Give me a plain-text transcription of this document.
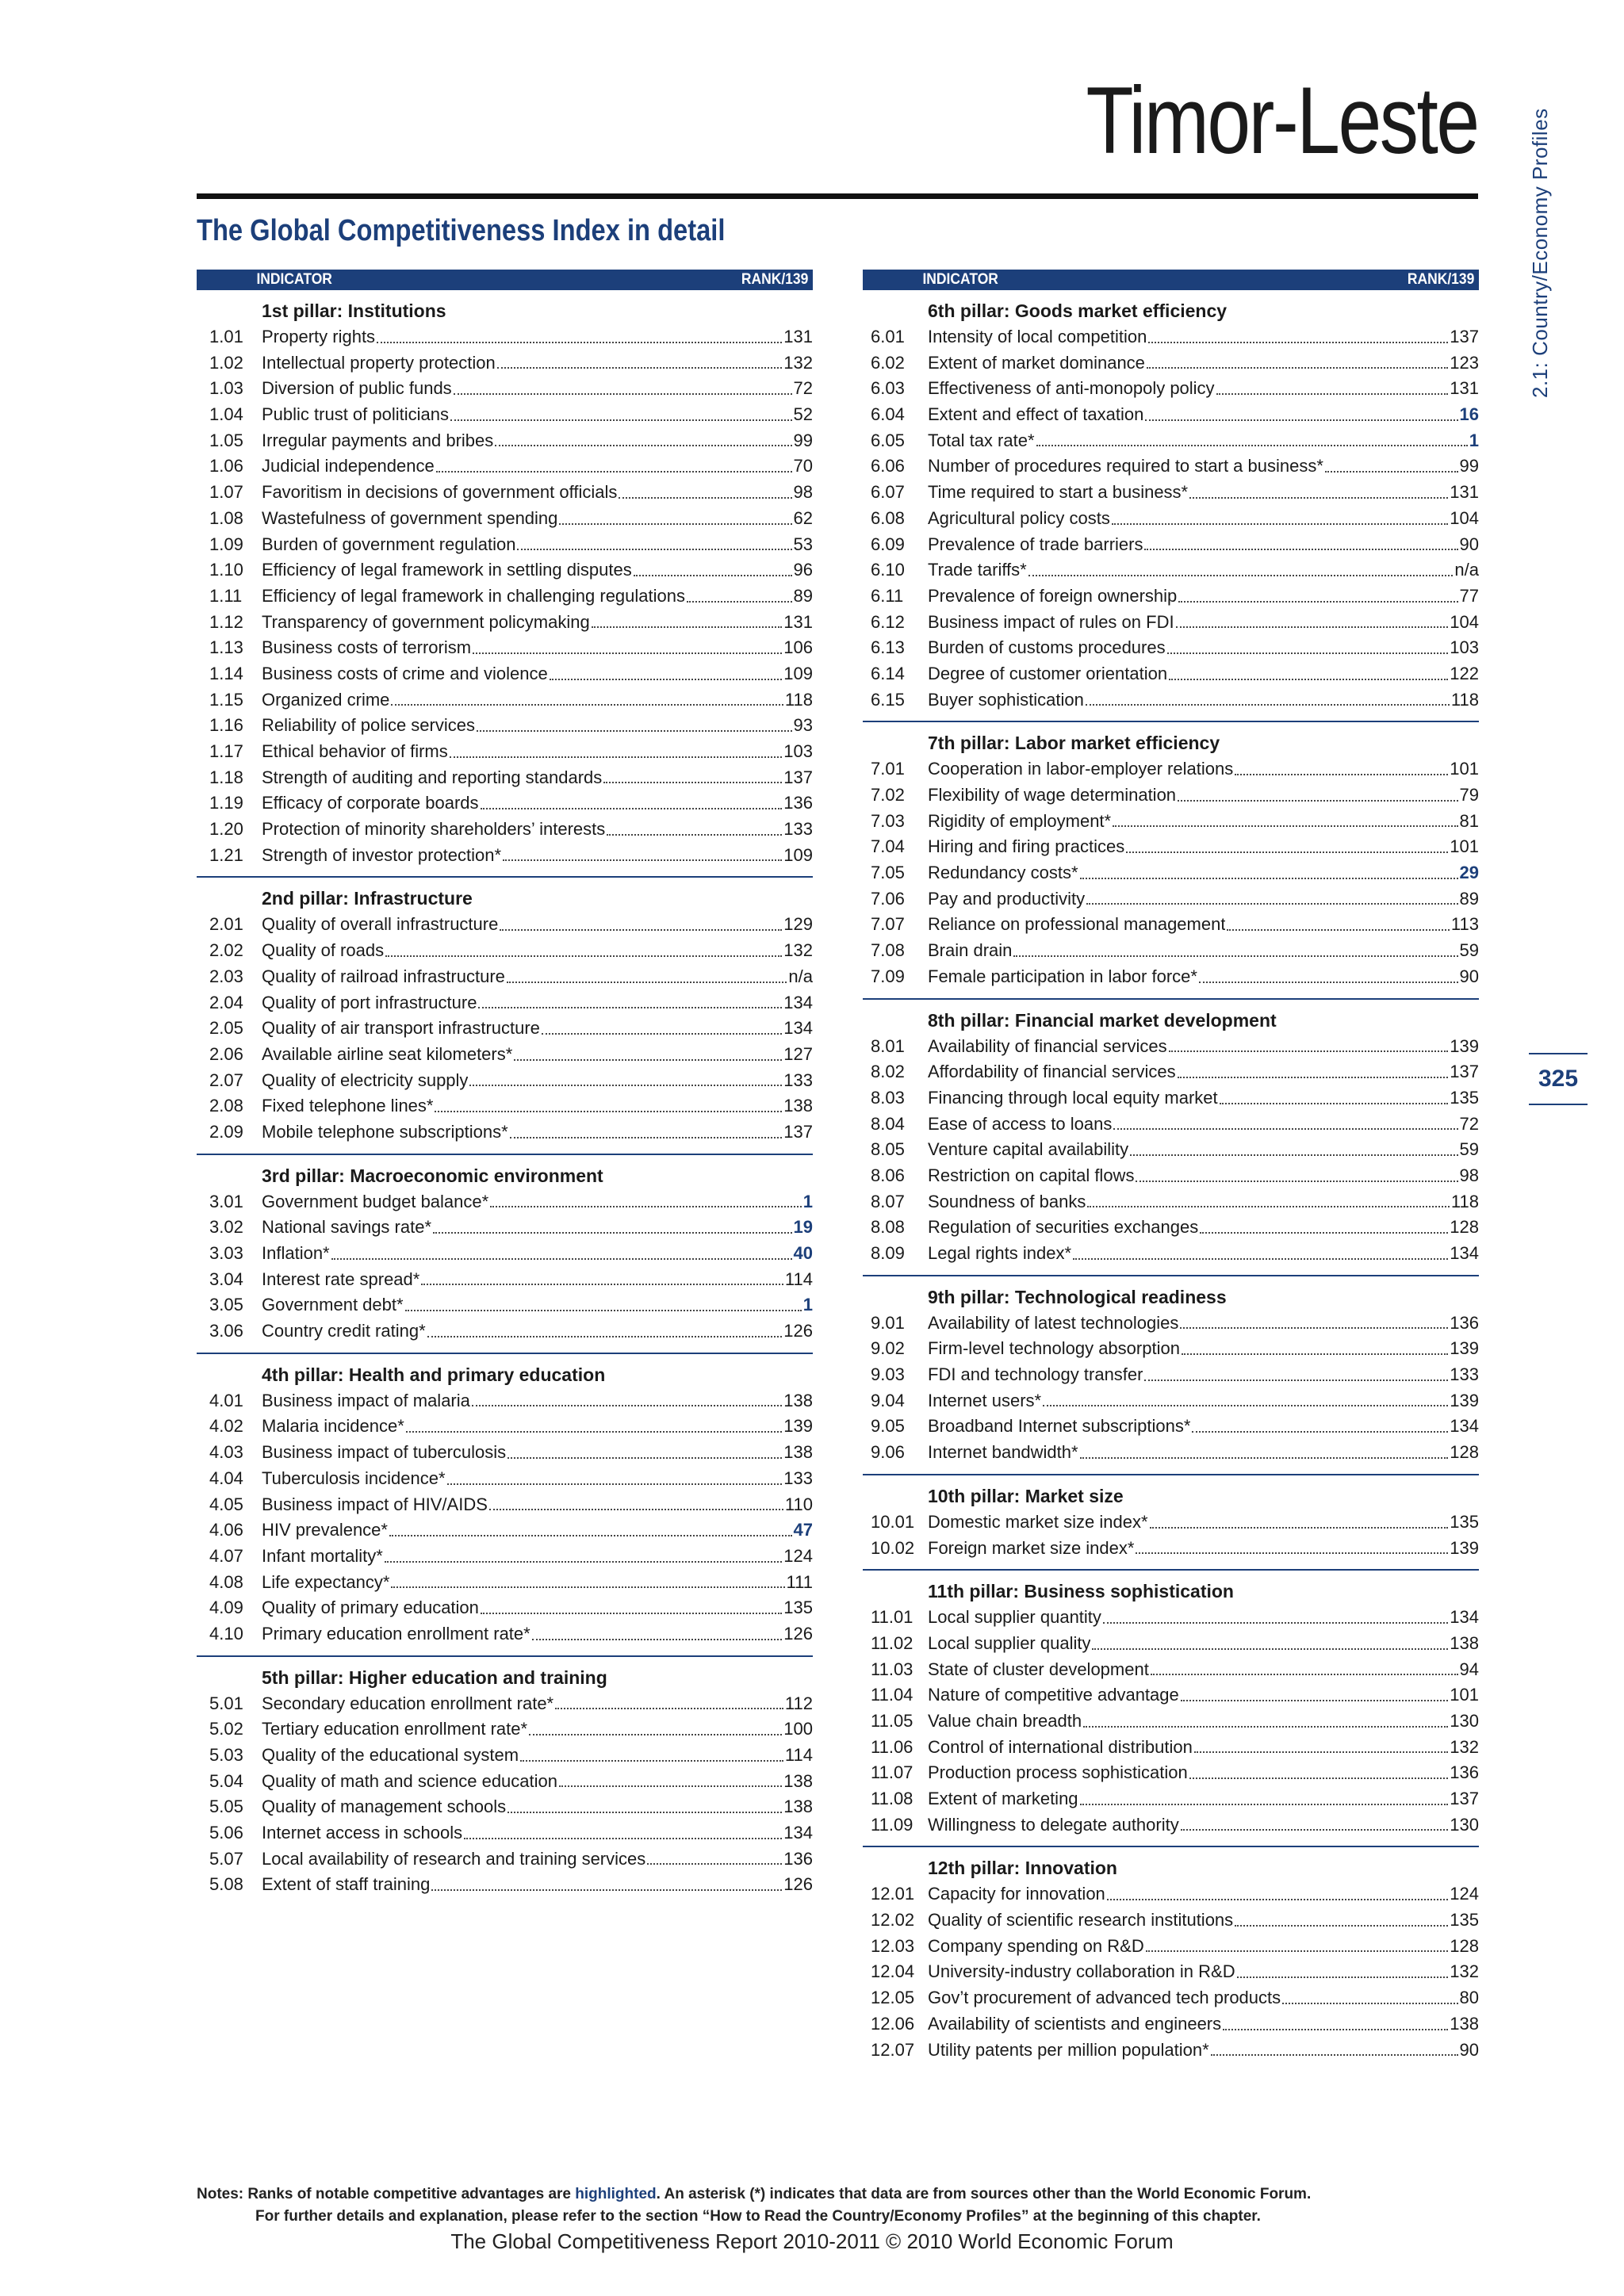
Timor-Leste 2.1: Country/Economy Profiles
325
The Global Competitiveness Index in detail
INDICATOR	RANK/139
1st pillar: Institutions
1.01	Property rights	131
1.02	Intellectual property protection	132
1.03	Diversion of public funds	72
1.04	Public trust of politicians	52
1.05	Irregular payments and bribes	99
1.06	Judicial independence	70
1.07	Favoritism in decisions of government officials	98
1.08	Wastefulness of government spending	62
1.09	Burden of government regulation	53
1.10	Efficiency of legal framework in settling disputes	96
1.11	Efficiency of legal framework in challenging regulations	89
1.12	Transparency of government policymaking	131
1.13	Business costs of terrorism	106
1.14	Business costs of crime and violence	109
1.15	Organized crime	118
1.16	Reliability of police services	93
1.17	Ethical behavior of firms	103
1.18	Strength of auditing and reporting standards	137
1.19	Efficacy of corporate boards	136
1.20	Protection of minority shareholders’ interests	133
1.21	Strength of investor protection*	109
2nd pillar: Infrastructure
2.01	Quality of overall infrastructure	129
2.02	Quality of roads	132
2.03	Quality of railroad infrastructure	n/a
2.04	Quality of port infrastructure	134
2.05	Quality of air transport infrastructure	134
2.06	Available airline seat kilometers*	127
2.07	Quality of electricity supply	133
2.08	Fixed telephone lines*	138
2.09	Mobile telephone subscriptions*	137
3rd pillar: Macroeconomic environment
3.01	Government budget balance*	1
3.02	National savings rate*	19
3.03	Inflation*	40
3.04	Interest rate spread*	114
3.05	Government debt*	1
3.06	Country credit rating*	126
4th pillar: Health and primary education
4.01	Business impact of malaria	138
4.02	Malaria incidence*	139
4.03	Business impact of tuberculosis	138
4.04	Tuberculosis incidence*	133
4.05	Business impact of HIV/AIDS	110
4.06	HIV prevalence*	47
4.07	Infant mortality*	124
4.08	Life expectancy*	111
4.09	Quality of primary education	135
4.10	Primary education enrollment rate*	126
5th pillar: Higher education and training
5.01	Secondary education enrollment rate*	112
5.02	Tertiary education enrollment rate*	100
5.03	Quality of the educational system	114
5.04	Quality of math and science education	138
5.05	Quality of management schools	138
5.06	Internet access in schools	134
5.07	Local availability of research and training services	136
5.08	Extent of staff training	126
INDICATOR	RANK/139
6th pillar: Goods market efficiency
6.01	Intensity of local competition	137
6.02	Extent of market dominance	123
6.03	Effectiveness of anti-monopoly policy	131
6.04	Extent and effect of taxation	16
6.05	Total tax rate*	1
6.06	Number of procedures required to start a business*	99
6.07	Time required to start a business*	131
6.08	Agricultural policy costs	104
6.09	Prevalence of trade barriers	90
6.10	Trade tariffs*	n/a
6.11	Prevalence of foreign ownership	77
6.12	Business impact of rules on FDI	104
6.13	Burden of customs procedures	103
6.14	Degree of customer orientation	122
6.15	Buyer sophistication	118
7th pillar: Labor market efficiency
7.01	Cooperation in labor-employer relations	101
7.02	Flexibility of wage determination	79
7.03	Rigidity of employment*	81
7.04	Hiring and firing practices	101
7.05	Redundancy costs*	29
7.06	Pay and productivity	89
7.07	Reliance on professional management	113
7.08	Brain drain	59
7.09	Female participation in labor force*	90
8th pillar: Financial market development
8.01	Availability of financial services	139
8.02	Affordability of financial services	137
8.03	Financing through local equity market	135
8.04	Ease of access to loans	72
8.05	Venture capital availability	59
8.06	Restriction on capital flows	98
8.07	Soundness of banks	118
8.08	Regulation of securities exchanges	128
8.09	Legal rights index*	134
9th pillar: Technological readiness
9.01	Availability of latest technologies	136
9.02	Firm-level technology absorption	139
9.03	FDI and technology transfer	133
9.04	Internet users*	139
9.05	Broadband Internet subscriptions*	134
9.06	Internet bandwidth*	128
10th pillar: Market size
10.01 Domestic market size index*	135
10.02 Foreign market size index*	139
11th pillar: Business sophistication
11.01 Local supplier quantity	134
11.02 Local supplier quality	138
11.03 State of cluster development	94
11.04 Nature of competitive advantage	101
11.05 Value chain breadth	130
11.06 Control of international distribution	132
11.07 Production process sophistication	136
11.08 Extent of marketing	137
11.09 Willingness to delegate authority	130
12th pillar: Innovation
12.01 Capacity for innovation	124
12.02 Quality of scientific research institutions	135
12.03 Company spending on R&D	128
12.04 University-industry collaboration in R&D	132
12.05 Gov’t procurement of advanced tech products	80
12.06 Availability of scientists and engineers	138
12.07 Utility patents per million population*	90
Notes: Ranks of notable competitive advantages are highlighted. An asterisk (*) indicates that data are from sources other than the World Economic Forum.
For further details and explanation, please refer to the section “How to Read the Country/Economy Profiles” at the beginning of this chapter.
The Global Competitiveness Report 2010-2011 © 2010 World Economic Forum
